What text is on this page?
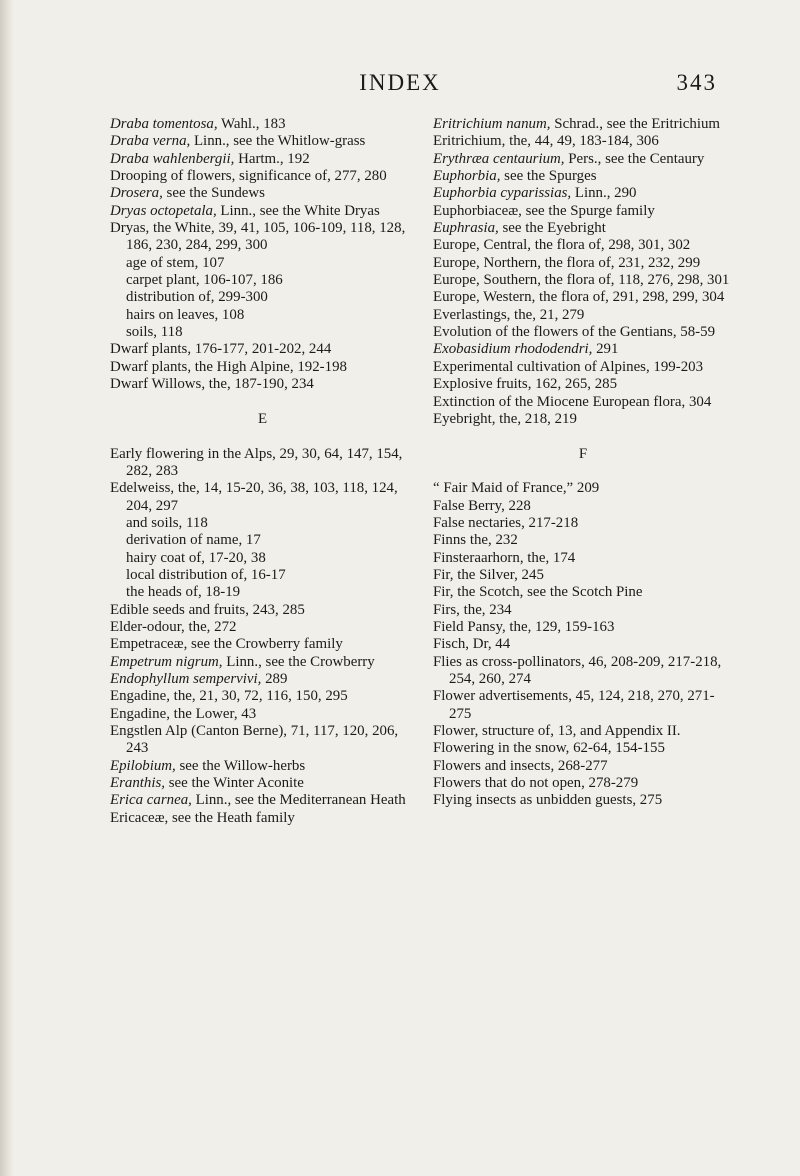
INDEX	343

Draba tomentosa, Wahl., 183

Draba verna, Linn., see the Whitlow-grass

Draba wahlenbergii, Hartm., 192

Drooping of flowers, significance of, 277, 280

Drosera, see the Sundews

Dryas octopetala, Linn., see the White Dryas

Dryas, the White, 39, 41, 105, 106-109, 118, 128, 186, 230, 284, 299, 300

age of stem, 107

carpet plant, 106-107, 186

distribution of, 299-300

hairs on leaves, 108

soils, 118

Dwarf plants, 176-177, 201-202, 244

Dwarf plants, the High Alpine, 192-198

Dwarf Willows, the, 187-190, 234

E

Early flowering in the Alps, 29, 30, 64, 147, 154, 282, 283

Edelweiss, the, 14, 15-20, 36, 38, 103, 118, 124, 204, 297

and soils, 118

derivation of name, 17

hairy coat of, 17-20, 38

local distribution of, 16-17

the heads of, 18-19

Edible seeds and fruits, 243, 285

Elder-odour, the, 272

Empetraceæ, see the Crowberry family

Empetrum nigrum, Linn., see the Crowberry

Endophyllum sempervivi, 289

Engadine, the, 21, 30, 72, 116, 150, 295

Engadine, the Lower, 43

Engstlen Alp (Canton Berne), 71, 117, 120, 206, 243

Epilobium, see the Willow-herbs

Eranthis, see the Winter Aconite

Erica carnea, Linn., see the Mediterranean Heath

Ericaceæ, see the Heath family

Eritrichium nanum, Schrad., see the Eritrichium

Eritrichium, the, 44, 49, 183-184, 306

Erythræa centaurium, Pers., see the Centaury

Euphorbia, see the Spurges

Euphorbia cyparissias, Linn., 290

Euphorbiaceæ, see the Spurge family

Euphrasia, see the Eyebright

Europe, Central, the flora of, 298, 301, 302

Europe, Northern, the flora of, 231, 232, 299

Europe, Southern, the flora of, 118, 276, 298, 301

Europe, Western, the flora of, 291, 298, 299, 304

Everlastings, the, 21, 279

Evolution of the flowers of the Gentians, 58-59

Exobasidium rhododendri, 291

Experimental cultivation of Alpines, 199-203

Explosive fruits, 162, 265, 285

Extinction of the Miocene European flora, 304

Eyebright, the, 218, 219

F

“ Fair Maid of France,” 209

False Berry, 228

False nectaries, 217-218

Finns the, 232

Finsteraarhorn, the, 174

Fir, the Silver, 245

Fir, the Scotch, see the Scotch Pine

Firs, the, 234

Field Pansy, the, 129, 159-163

Fisch, Dr, 44

Flies as cross-pollinators, 46, 208-209, 217-218, 254, 260, 274

Flower advertisements, 45, 124, 218, 270, 271-275

Flower, structure of, 13, and Appendix II.

Flowering in the snow, 62-64, 154-155

Flowers and insects, 268-277

Flowers that do not open, 278-279

Flying insects as unbidden guests, 275
